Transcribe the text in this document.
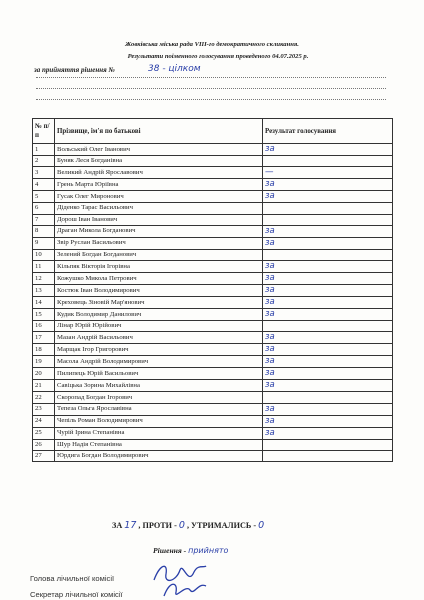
Жовківська міська рада VIII-го демократичного скликання.
Результати поіменного голосування проведеного 04.07.2025 р.
за прийняття рішення №	38 - цілком
№ п/п	Прізвище, ім'я по батькові	Результат голосування
1	Вольський Олег Іванович	за
2	Буняк Леся Богданівна	
3	Великий Андрій Ярославович	—
4	Грень Марта Юріївна	за
5	Гусак Олег Миронович	за
6	Діденко Тарас Васильович	
7	Дорош Іван Іванович	
8	Драган Микола Богданович	за
9	Звір Руслан Васильович	за
10	Зелений Богдан Богданович	
11	Кільпяк Вікторія Ігорівна	за
12	Кожушко Микола Петрович	за
13	Костюк Іван Володимирович	за
14	Креховець Зіновій Мар'янович	за
15	Кудик Володимир Данилович	за
16	Лінар Юрій Юрійович	
17	Мазан Андрій Васильович	за
18	Марщак Ігор Григорович	за
19	Масола Андрій Володимирович	за
20	Пилипець Юрій Васильович	за
21	Савіцька Зорина Михайлівна	за
22	Скоропад Богдан Ігорович	
23	Тепеза Ольга Ярославівна	за
24	Чепіль Роман Володимирович	за
25	Чурій Ірина Степанівна	за
26	Шур Надія Степанівна	
27	Юрдига Богдан Володимирович	
ЗА 17 , ПРОТИ - 0 , УТРИМАЛИСЬ - 0
Рішення - прийнято
Голова лічильної комісії
Секретар лічильної комісії
